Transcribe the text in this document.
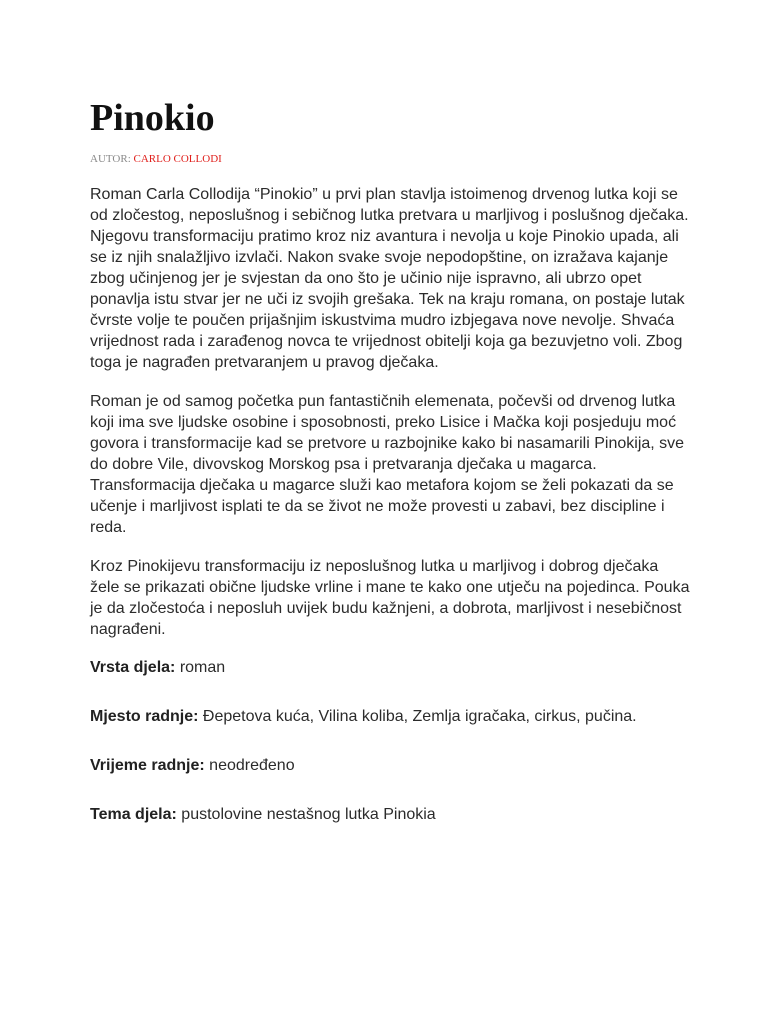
Pinokio
AUTOR: CARLO COLLODI

Roman Carla Collodija “Pinokio” u prvi plan stavlja istoimenog drvenog lutka koji se od zločestog, neposlušnog i sebičnog lutka pretvara u marljivog i poslušnog dječaka. Njegovu transformaciju pratimo kroz niz avantura i nevolja u koje Pinokio upada, ali se iz njih snalažljivo izvlači. Nakon svake svoje nepodopštine, on izražava kajanje zbog učinjenog jer je svjestan da ono što je učinio nije ispravno, ali ubrzo opet ponavlja istu stvar jer ne uči iz svojih grešaka. Tek na kraju romana, on postaje lutak čvrste volje te poučen prijašnjim iskustvima mudro izbjegava nove nevolje. Shvaća vrijednost rada i zarađenog novca te vrijednost obitelji koja ga bezuvjetno voli. Zbog toga je nagrađen pretvaranjem u pravog dječaka.

Roman je od samog početka pun fantastičnih elemenata, počevši od drvenog lutka koji ima sve ljudske osobine i sposobnosti, preko Lisice i Mačka koji posjeduju moć govora i transformacije kad se pretvore u razbojnike kako bi nasamarili Pinokija, sve do dobre Vile, divovskog Morskog psa i pretvaranja dječaka u magarca. Transformacija dječaka u magarce služi kao metafora kojom se želi pokazati da se učenje i marljivost isplati te da se život ne može provesti u zabavi, bez discipline i reda.

Kroz Pinokijevu transformaciju iz neposlušnog lutka u marljivog i dobrog dječaka žele se prikazati obične ljudske vrline i mane te kako one utječu na pojedinca. Pouka je da zločestoća i neposluh uvijek budu kažnjeni, a dobrota, marljivost i nesebičnost nagrađeni.

Vrsta djela: roman

Mjesto radnje: Đepetova kuća, Vilina koliba, Zemlja igračaka, cirkus, pučina.

Vrijeme radnje: neodređeno

Tema djela: pustolovine nestašnog lutka Pinokia
